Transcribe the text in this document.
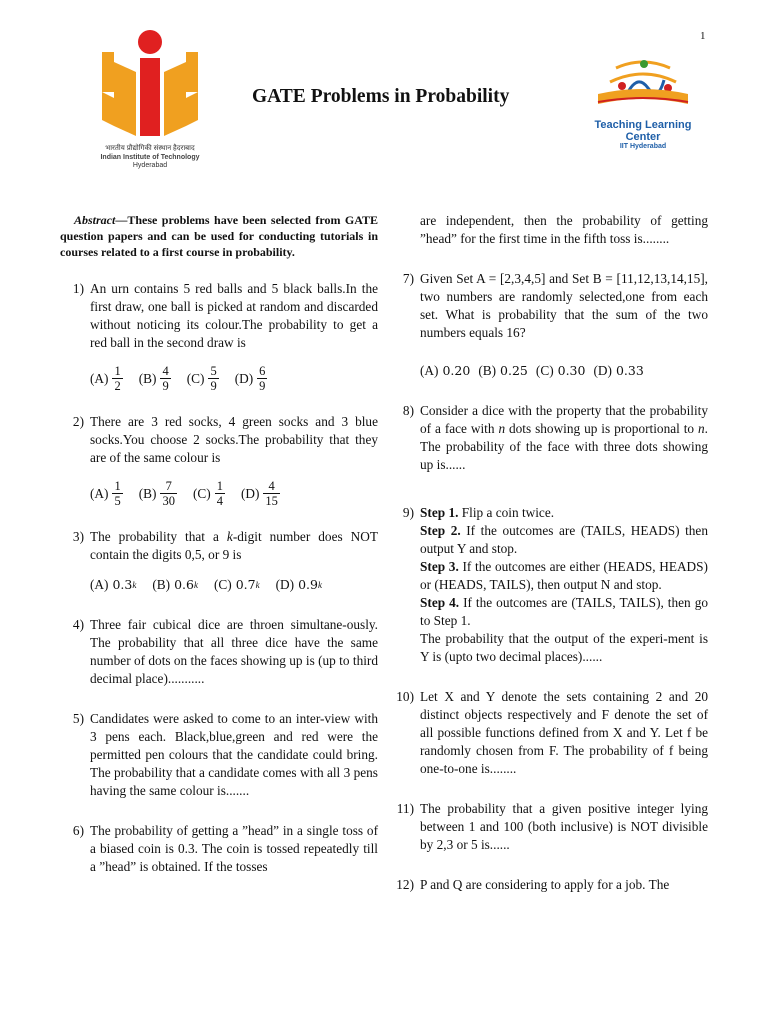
1
भारतीय प्रौद्योगिकी संस्थान हैदराबाद
Indian Institute of Technology
Hyderabad
Teaching Learning Center
IIT Hyderabad
GATE Problems in Probability

Abstract—These problems have been selected from GATE question papers and can be used for conducting tutorials in courses related to a first course in probability.

1) An urn contains 5 red balls and 5 black balls.In the first draw, one ball is picked at random and discarded without noticing its colour.The probability to get a red ball in the second draw is

$(A) \frac{1}{2} (B) \frac{4}{9} (C) \frac{5}{9} (D) \frac{6}{9}$
2) There are 3 red socks, 4 green socks and 3 blue socks.You choose 2 socks.The probability that they are of the same colour is

$(A) \frac{1}{5} (B) \frac{7}{30} (C) \frac{1}{4} (D) \frac{4}{15}$
3) The probability that a k-digit number does NOT contain the digits 0,5, or 9 is

(A) 0.3 k (B) 0.6 k (C) 0.7 k (D) 0.9 k
4) Three fair cubical dice are throen simultane-ously. The probability that all three dice have the same number of dots on the faces showing up is (up to third decimal place)...........

5) Candidates were asked to come to an inter-view with 3 pens each. Black,blue,green and red were the permitted pen colours that the candidate could bring. The probability that a candidate comes with all 3 pens having the same colour is.......

6) The probability of getting a ”head” in a single toss of a biased coin is 0.3. The coin is tossed repeatedly till a ”head” is obtained. If the tosses

are independent, then the probability of getting ”head” for the first time in the fifth toss is........

7) Given Set A = [2,3,4,5] and Set B = [11,12,13,14,15], two numbers are randomly selected,one from each set. What is probability that the sum of the two numbers equals 16?

(A) 0.20 (B) 0.25 (C) 0.30 (D) 0.33
8) Consider a dice with the property that the probability of a face with n dots showing up is proportional to n. The probability of the face with three dots showing up is......

9) Step 1. Flip a coin twice.

Step 2. If the outcomes are (TAILS, HEADS) then output Y and stop.

Step 3. If the outcomes are either (HEADS, HEADS) or (HEADS, TAILS), then output N and stop.

Step 4. If the outcomes are (TAILS, TAILS), then go to Step 1.

The probability that the output of the experi-ment is Y is (upto two decimal places)......

10) Let X and Y denote the sets containing 2 and 20 distinct objects respectively and F denote the set of all possible functions defined from X and Y. Let f be randomly chosen from F. The probability of f being one-to-one is........

11) The probability that a given positive integer lying between 1 and 100 (both inclusive) is NOT divisible by 2,3 or 5 is......

12) P and Q are considering to apply for a job. The
